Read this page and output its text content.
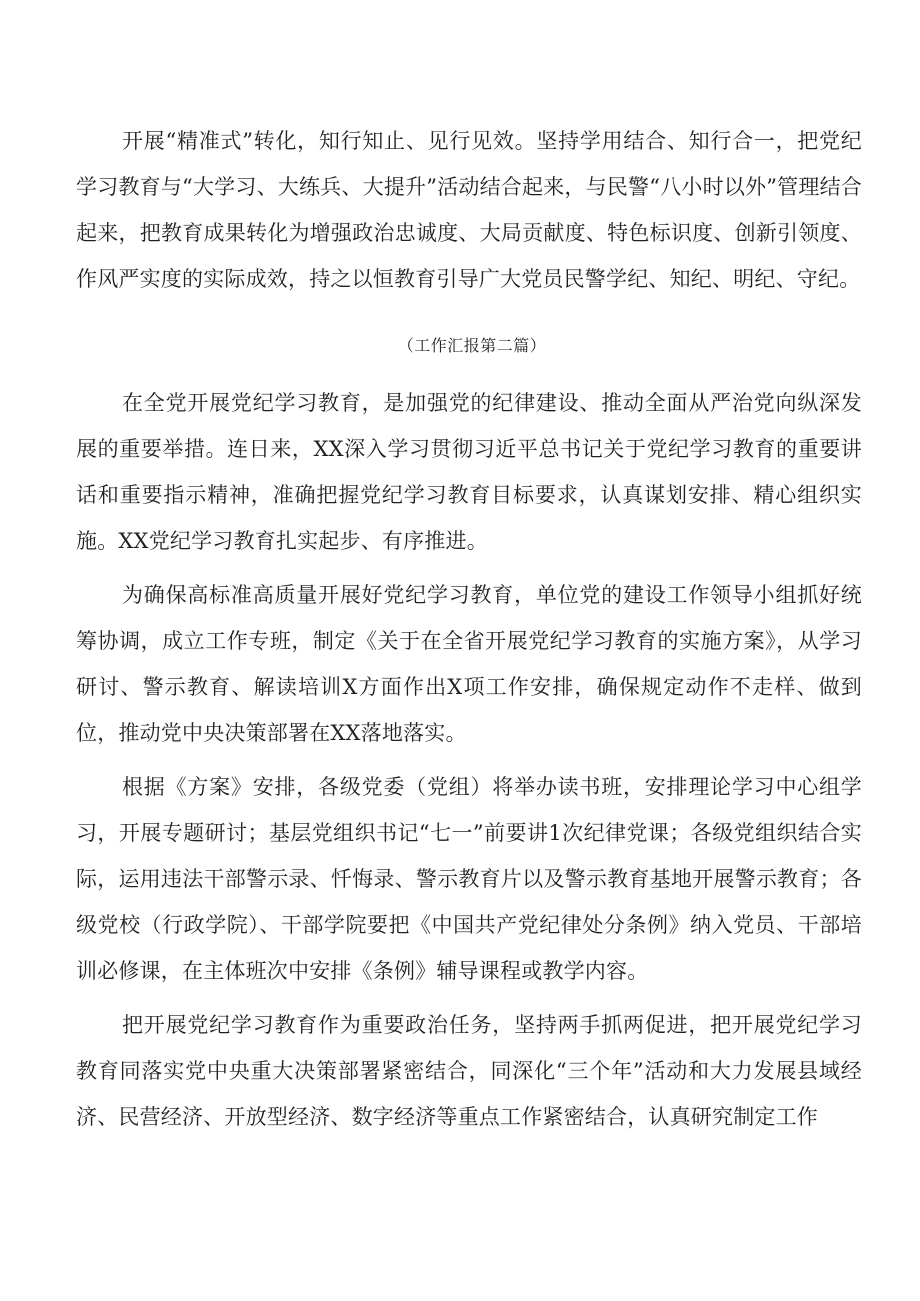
开展“精准式”转化，知行知止、见行见效。坚持学用结合、知行合一，把党纪学习教育与“大学习、大练兵、大提升”活动结合起来，与民警“八小时以外”管理结合起来，把教育成果转化为增强政治忠诚度、大局贡献度、特色标识度、创新引领度、作风严实度的实际成效，持之以恒教育引导广大党员民警学纪、知纪、明纪、守纪。

（工作汇报第二篇）

在全党开展党纪学习教育，是加强党的纪律建设、推动全面从严治党向纵深发展的重要举措。连日来，XX深入学习贯彻习近平总书记关于党纪学习教育的重要讲话和重要指示精神，准确把握党纪学习教育目标要求，认真谋划安排、精心组织实施。XX党纪学习教育扎实起步、有序推进。

为确保高标准高质量开展好党纪学习教育，单位党的建设工作领导小组抓好统筹协调，成立工作专班，制定《关于在全省开展党纪学习教育的实施方案》，从学习研讨、警示教育、解读培训X方面作出X项工作安排，确保规定动作不走样、做到位，推动党中央决策部署在XX落地落实。

根据《方案》安排，各级党委（党组）将举办读书班，安排理论学习中心组学习，开展专题研讨；基层党组织书记“七一”前要讲1次纪律党课；各级党组织结合实际，运用违法干部警示录、忏悔录、警示教育片以及警示教育基地开展警示教育；各级党校（行政学院）、干部学院要把《中国共产党纪律处分条例》纳入党员、干部培训必修课，在主体班次中安排《条例》辅导课程或教学内容。

把开展党纪学习教育作为重要政治任务，坚持两手抓两促进，把开展党纪学习教育同落实党中央重大决策部署紧密结合，同深化“三个年”活动和大力发展县域经济、民营经济、开放型经济、数字经济等重点工作紧密结合，认真研究制定工作
